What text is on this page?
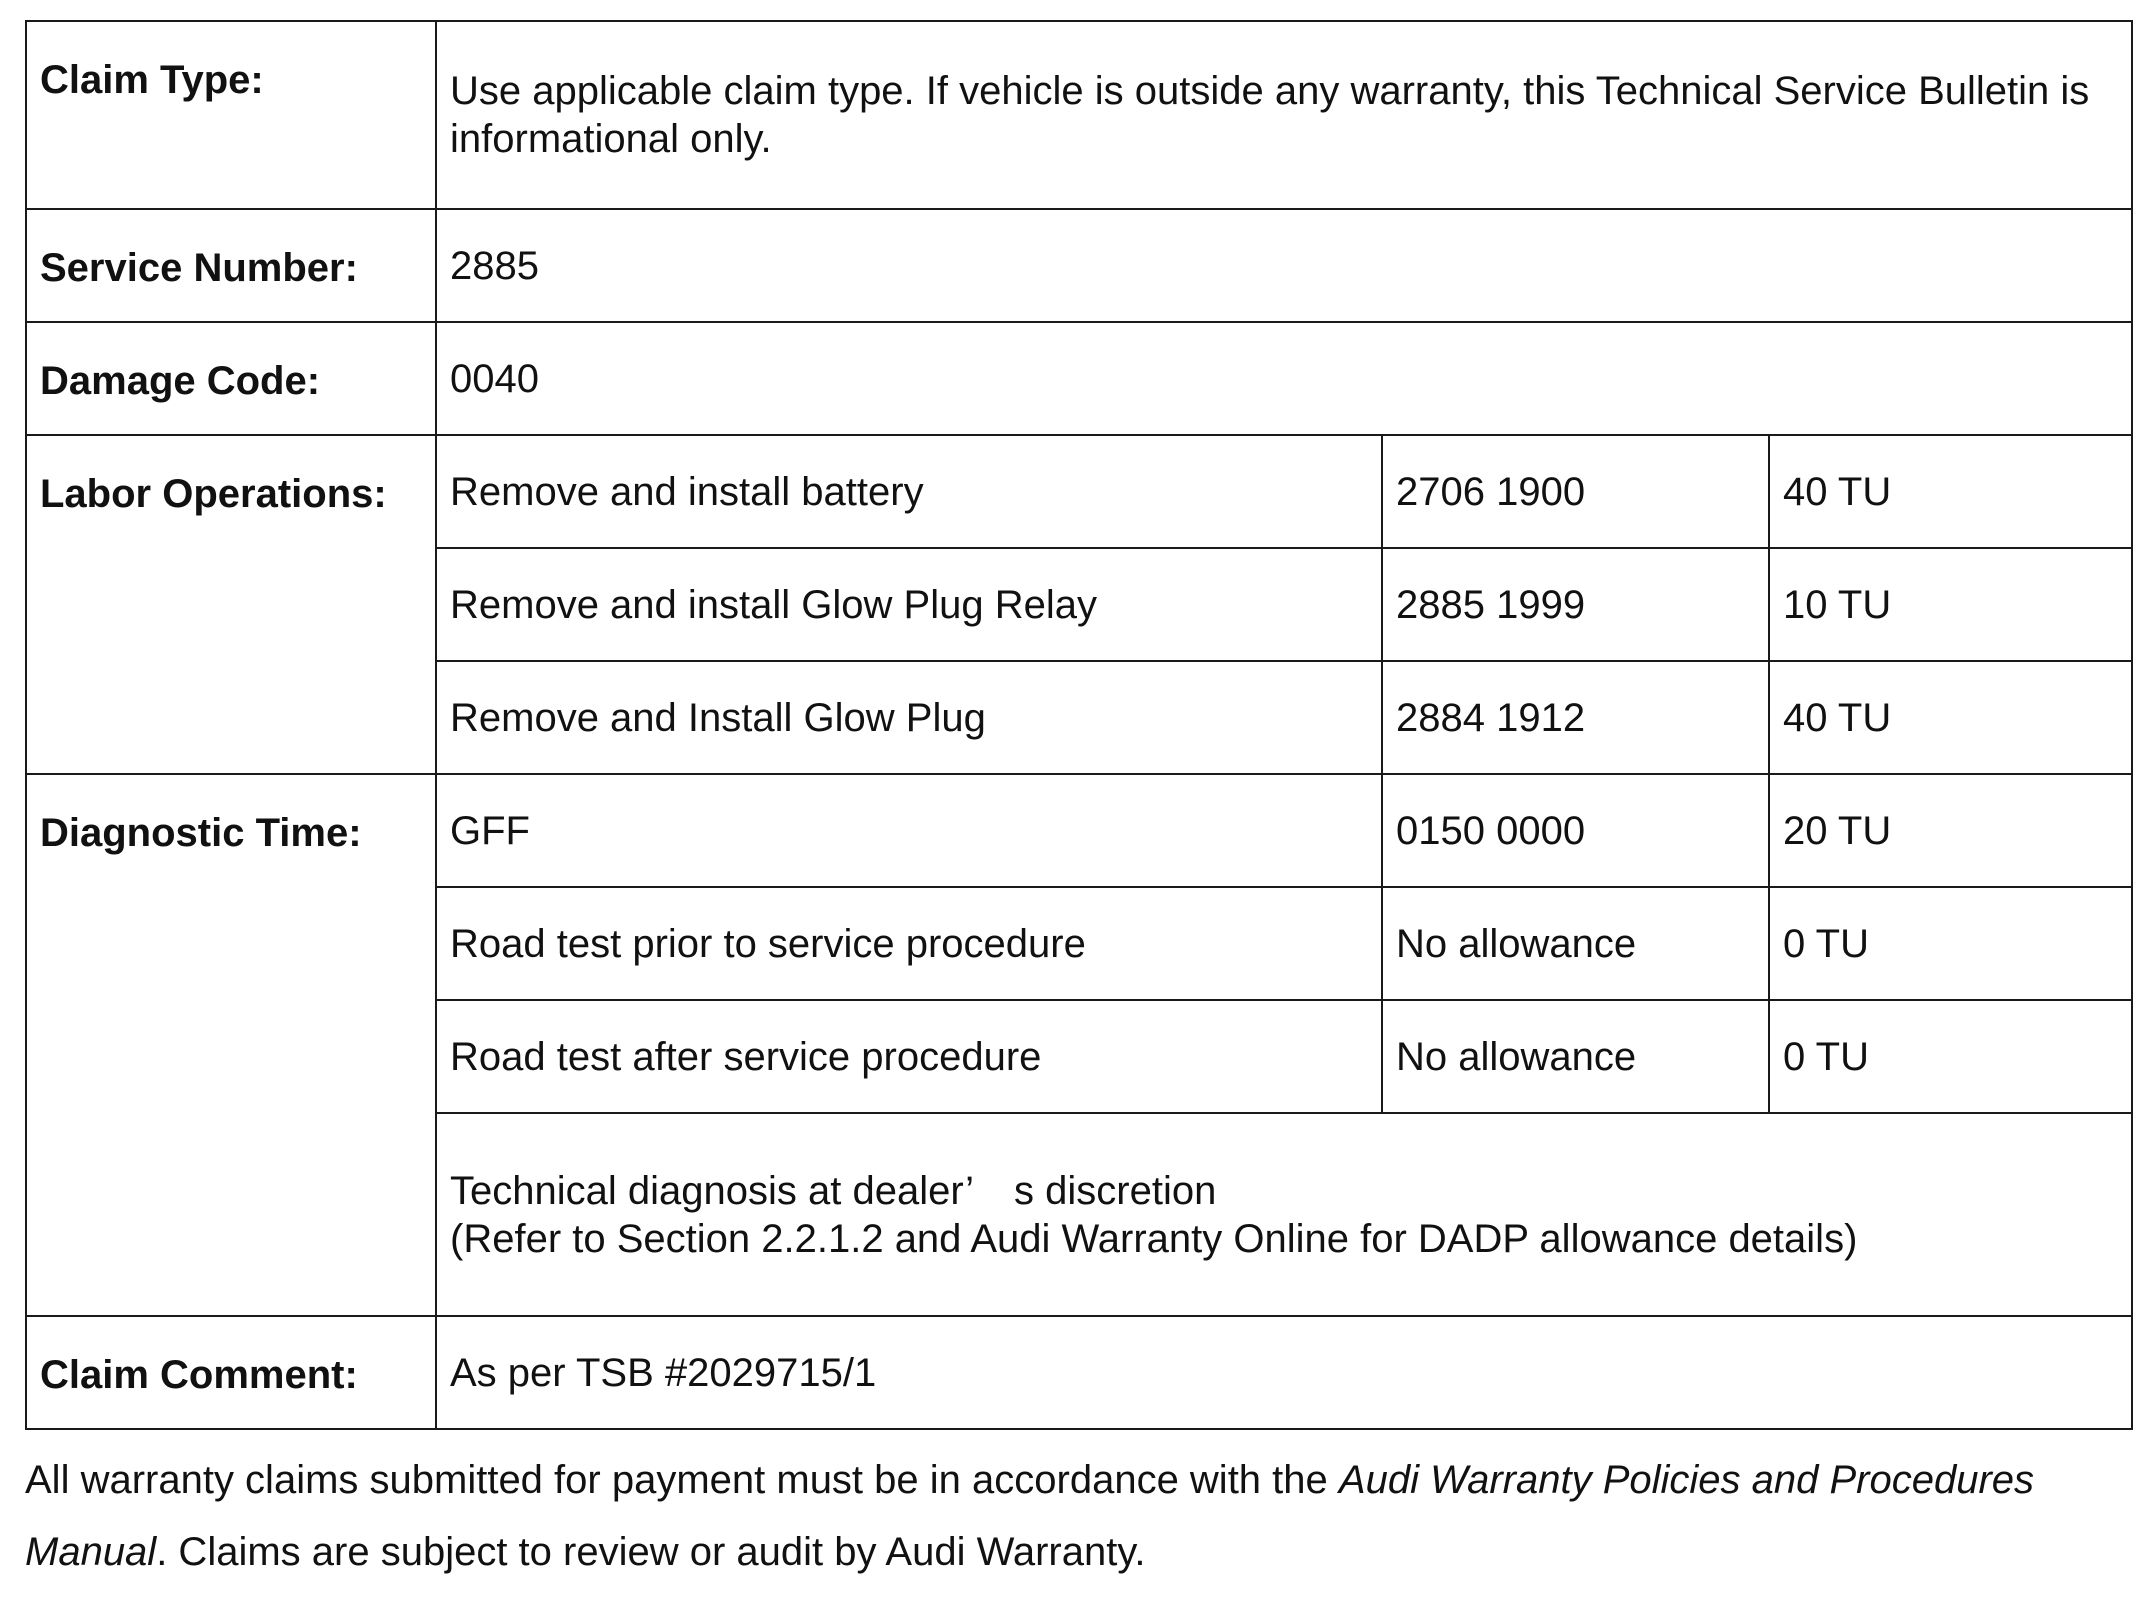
Claim Type:	Use applicable claim type. If vehicle is outside any warranty, this Technical Service Bulletin is informational only.		
Service Number:	2885		
Damage Code:	0040		
Labor Operations:	Remove and install battery	2706 1900	40 TU
	Remove and install Glow Plug Relay	2885 1999	10 TU
	Remove and Install Glow Plug	2884 1912	40 TU
Diagnostic Time:	GFF	0150 0000	20 TU
	Road test prior to service procedure	No allowance	0 TU
	Road test after service procedure	No allowance	0 TU

	Technical diagnosis at dealer’ s discretion
(Refer to Section 2.2.1.2 and Audi Warranty Online for DADP allowance details)		

Claim Comment:	As per TSB #2029715/1		

All warranty claims submitted for payment must be in accordance with the Audi Warranty Policies and Procedures Manual. Claims are subject to review or audit by Audi Warranty.
